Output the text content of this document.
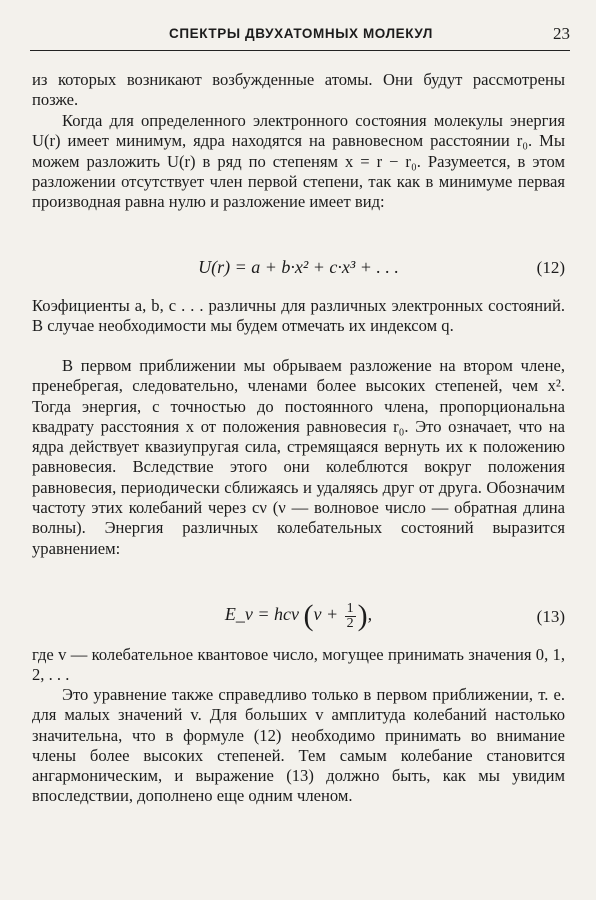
СПЕКТРЫ ДВУХАТОМНЫХ МОЛЕКУЛ	23

из которых возникают возбужденные атомы. Они будут рассмотрены позже.

Когда для определенного электронного состояния молекулы энергия U(r) имеет минимум, ядра находятся на равновесном расстоянии r₀. Мы можем разложить U(r) в ряд по степеням x = r − r₀. Разумеется, в этом разложении отсутствует член первой степени, так как в минимуме первая производная равна нулю и разложение имеет вид:

U(r) = a + b·x² + c·x³ + . . .	(12)

Коэфициенты a, b, c . . . различны для различных электронных состояний. В случае необходимости мы будем отмечать их индексом q.

В первом приближении мы обрываем разложение на втором члене, пренебрегая, следовательно, членами более высоких степеней, чем x². Тогда энергия, с точностью до постоянного члена, пропорциональна квадрату расстояния x от положения равновесия r₀. Это означает, что на ядра действует квазиупругая сила, стремящаяся вернуть их к положению равновесия. Вследствие этого они колеблются вокруг положения равновесия, периодически сближаясь и удаляясь друг от друга. Обозначим частоту этих колебаний через cν (ν — волновое число — обратная длина волны). Энергия различных колебательных состояний выразится уравнением:

E_v = hcν ($v + \frac{1}{2}$ ),	(13)

где v — колебательное квантовое число, могущее принимать значения 0, 1, 2, . . .

Это уравнение также справедливо только в первом приближении, т. е. для малых значений v. Для больших v амплитуда колебаний настолько значительна, что в формуле (12) необходимо принимать во внимание члены более высоких степеней. Тем самым колебание становится ангармоническим, и выражение (13) должно быть, как мы увидим впоследствии, дополнено еще одним членом.
